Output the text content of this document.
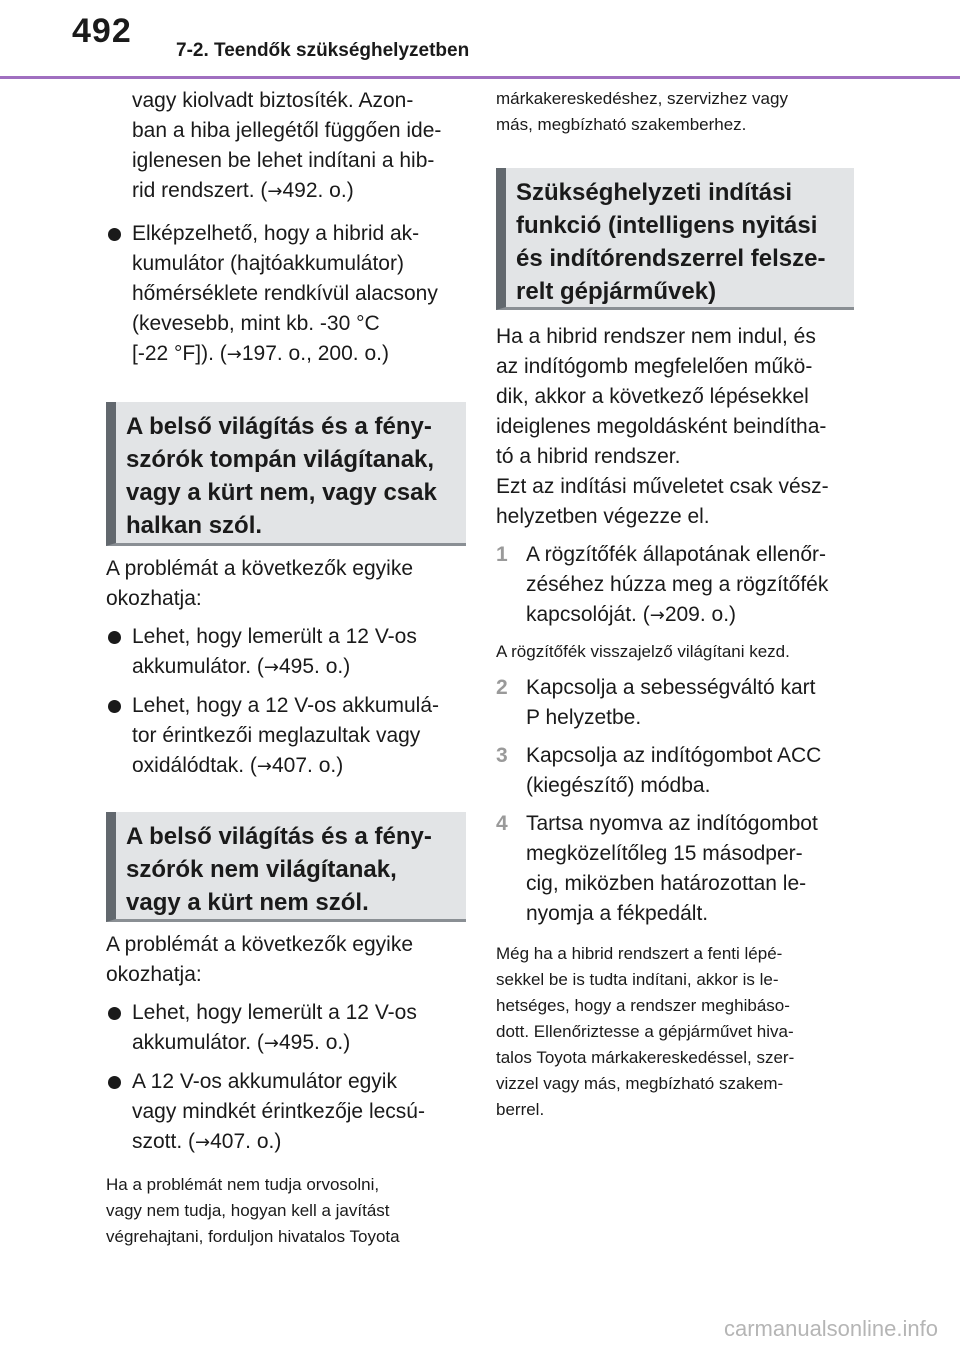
492
7-2. Teendők szükséghelyzetben
vagy kiolvadt biztosíték. Azon-
ban a hiba jellegétől függően ide-
iglenesen be lehet indítani a hib-
rid rendszert. (→492. o.)
Elképzelhető, hogy a hibrid ak-
kumulátor (hajtóakkumulátor)
hőmérséklete rendkívül alacsony
(kevesebb, mint kb. -30 °C
[-22 °F]). (→197. o., 200. o.)
A belső világítás és a fény-
szórók tompán világítanak,
vagy a kürt nem, vagy csak
halkan szól.
A problémát a következők egyike
okozhatja:
Lehet, hogy lemerült a 12 V-os
akkumulátor. (→495. o.)
Lehet, hogy a 12 V-os akkumulá-
tor érintkezői meglazultak vagy
oxidálódtak. (→407. o.)
A belső világítás és a fény-
szórók nem világítanak,
vagy a kürt nem szól.
A problémát a következők egyike
okozhatja:
Lehet, hogy lemerült a 12 V-os
akkumulátor. (→495. o.)
A 12 V-os akkumulátor egyik
vagy mindkét érintkezője lecsú-
szott. (→407. o.)
Ha a problémát nem tudja orvosolni,
vagy nem tudja, hogyan kell a javítást
végrehajtani, forduljon hivatalos Toyota
márkakereskedéshez, szervizhez vagy
más, megbízható szakemberhez.
Szükséghelyzeti indítási
funkció (intelligens nyitási
és indítórendszerrel felsze-
relt gépjárművek)
Ha a hibrid rendszer nem indul, és
az indítógomb megfelelően műkö-
dik, akkor a következő lépésekkel
ideiglenes megoldásként beindítha-
tó a hibrid rendszer.
Ezt az indítási műveletet csak vész-
helyzetben végezze el.
1 A rögzítőfék állapotának ellenőr-
zéséhez húzza meg a rögzítőfék
kapcsolóját. (→209. o.)
A rögzítőfék visszajelző világítani kezd.
2 Kapcsolja a sebességváltó kart
P helyzetbe.
3 Kapcsolja az indítógombot ACC
(kiegészítő) módba.
4 Tartsa nyomva az indítógombot
megközelítőleg 15 másodper-
cig, miközben határozottan le-
nyomja a fékpedált.
Még ha a hibrid rendszert a fenti lépé-
sekkel be is tudta indítani, akkor is le-
hetséges, hogy a rendszer meghibáso-
dott. Ellenőriztesse a gépjárművet hiva-
talos Toyota márkakereskedéssel, szer-
vizzel vagy más, megbízható szakem-
berrel.
carmanualsonline.info
